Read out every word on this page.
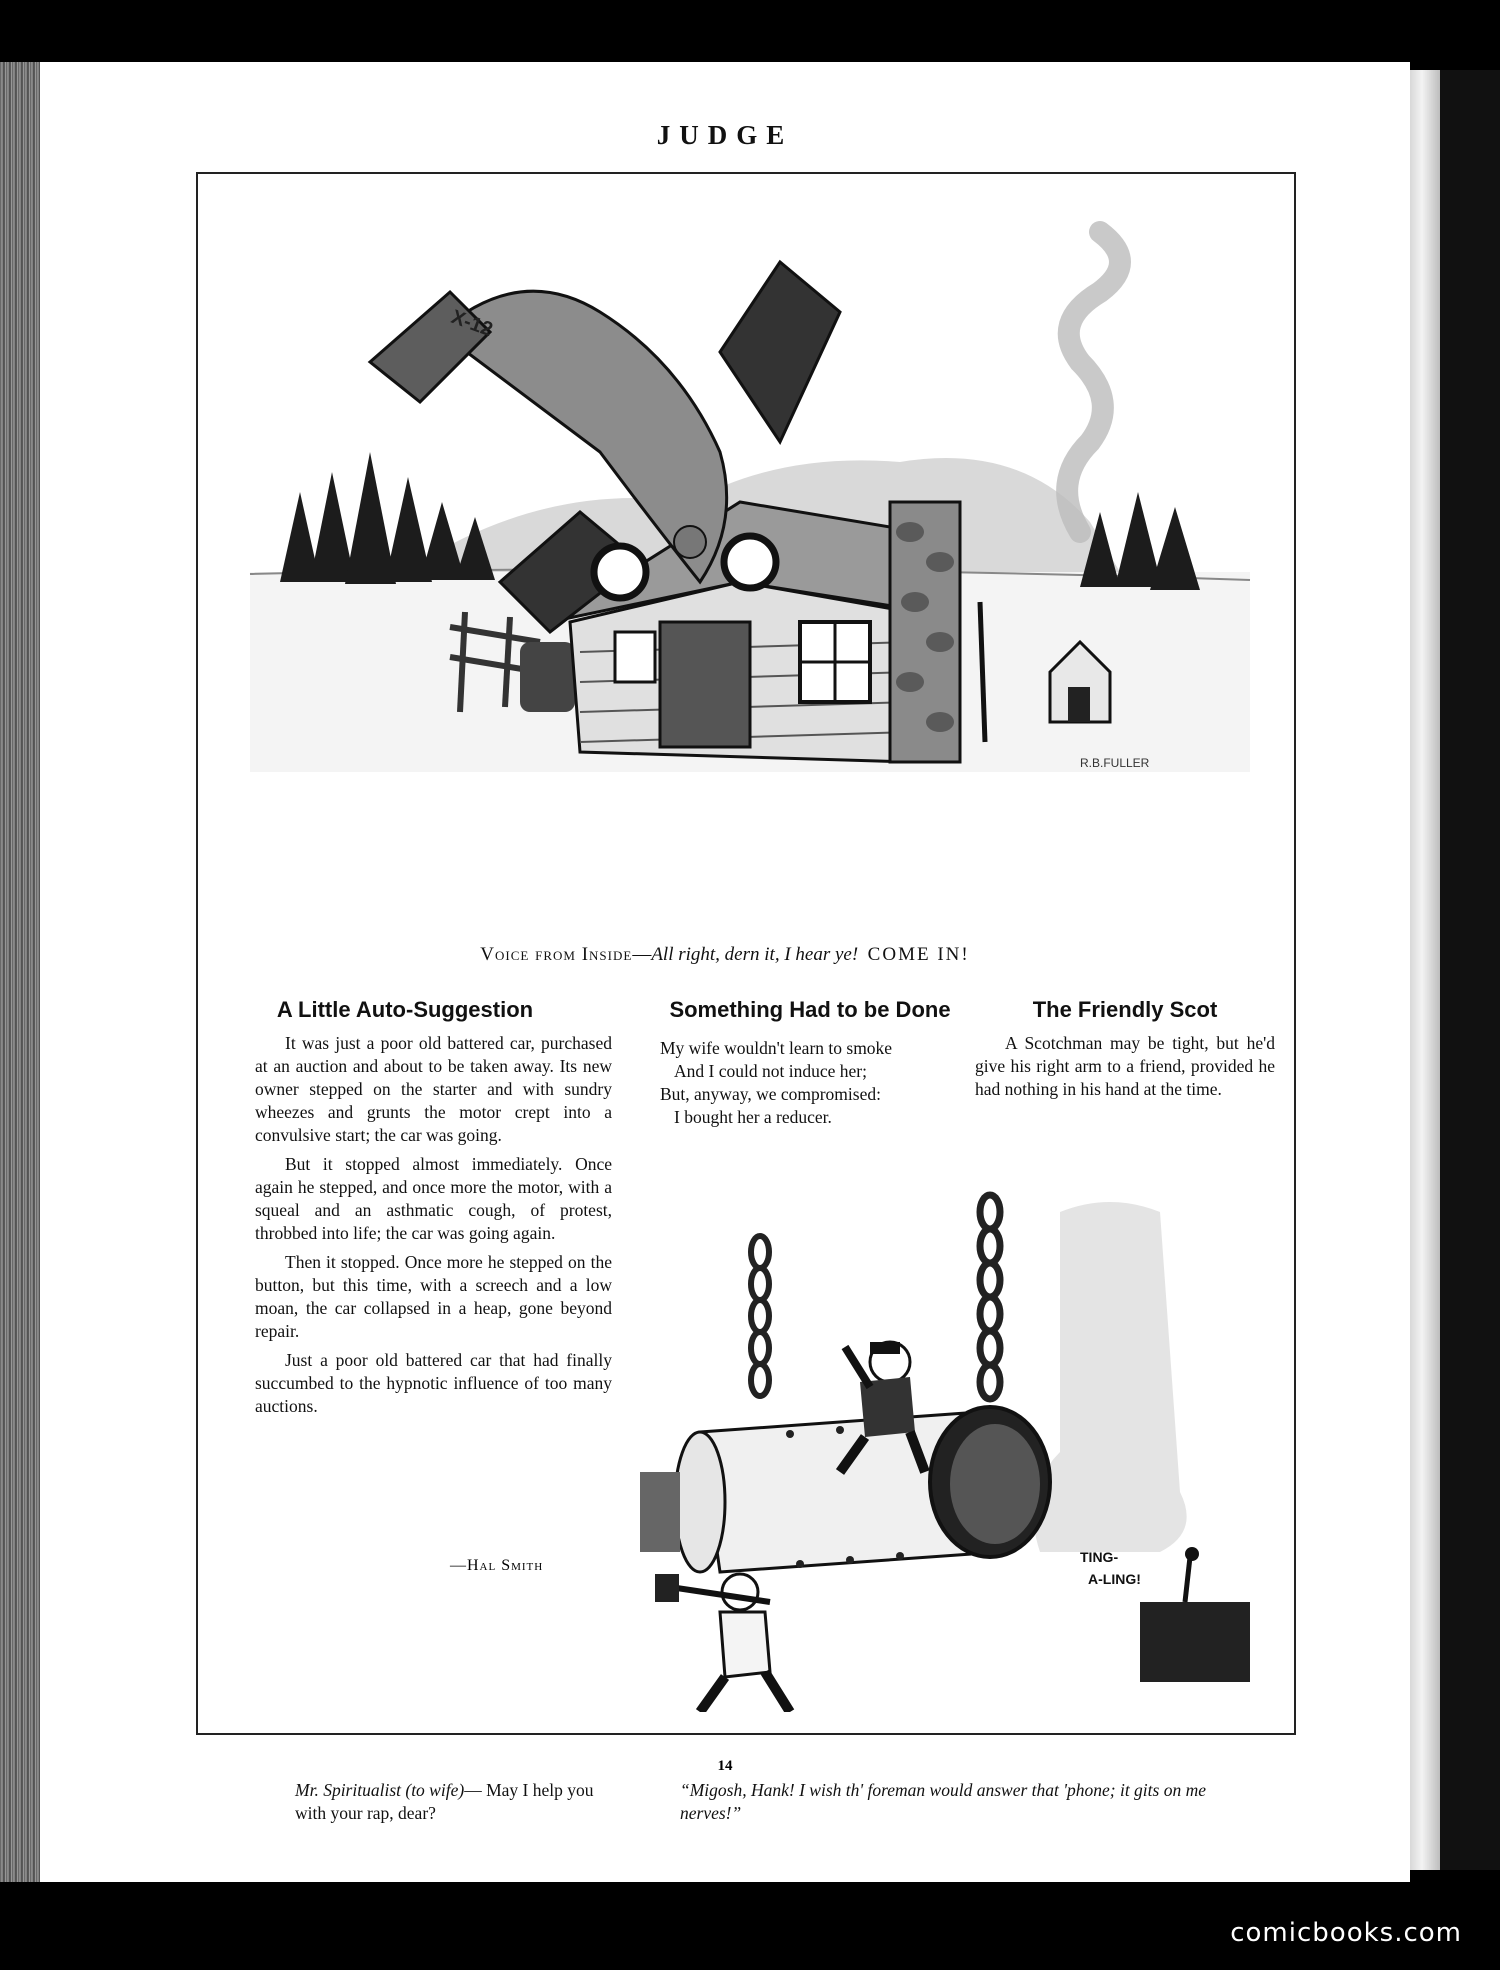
JUDGE
X-12
R.B.FULLER
Voice from Inside—All right, dern it, I hear ye! COME IN!
A Little Auto-Suggestion

It was just a poor old battered car, purchased at an auction and about to be taken away. Its new owner stepped on the starter and with sundry wheezes and grunts the motor crept into a convulsive start; the car was going.

But it stopped almost immediately. Once again he stepped, and once more the motor, with a squeal and an asthmatic cough, of protest, throbbed into life; the car was going again.

Then it stopped. Once more he stepped on the button, but this time, with a screech and a low moan, the car collapsed in a heap, gone beyond repair.

Just a poor old battered car that had finally succumbed to the hypnotic influence of too many auctions.

—Hal Smith
Something Had to be Done
My wife wouldn't learn to smoke
And I could not induce her;
But, anyway, we compromised:
I bought her a reducer.
The Friendly Scot

A Scotchman may be tight, but he'd give his right arm to a friend, provided he had nothing in his hand at the time.

TING-
A-LING!
Mr. Spiritualist (to wife)— May I help you with your rap, dear?
“Migosh, Hank! I wish th' foreman would answer that 'phone; it gits on me nerves!”
14
comicbooks.com
